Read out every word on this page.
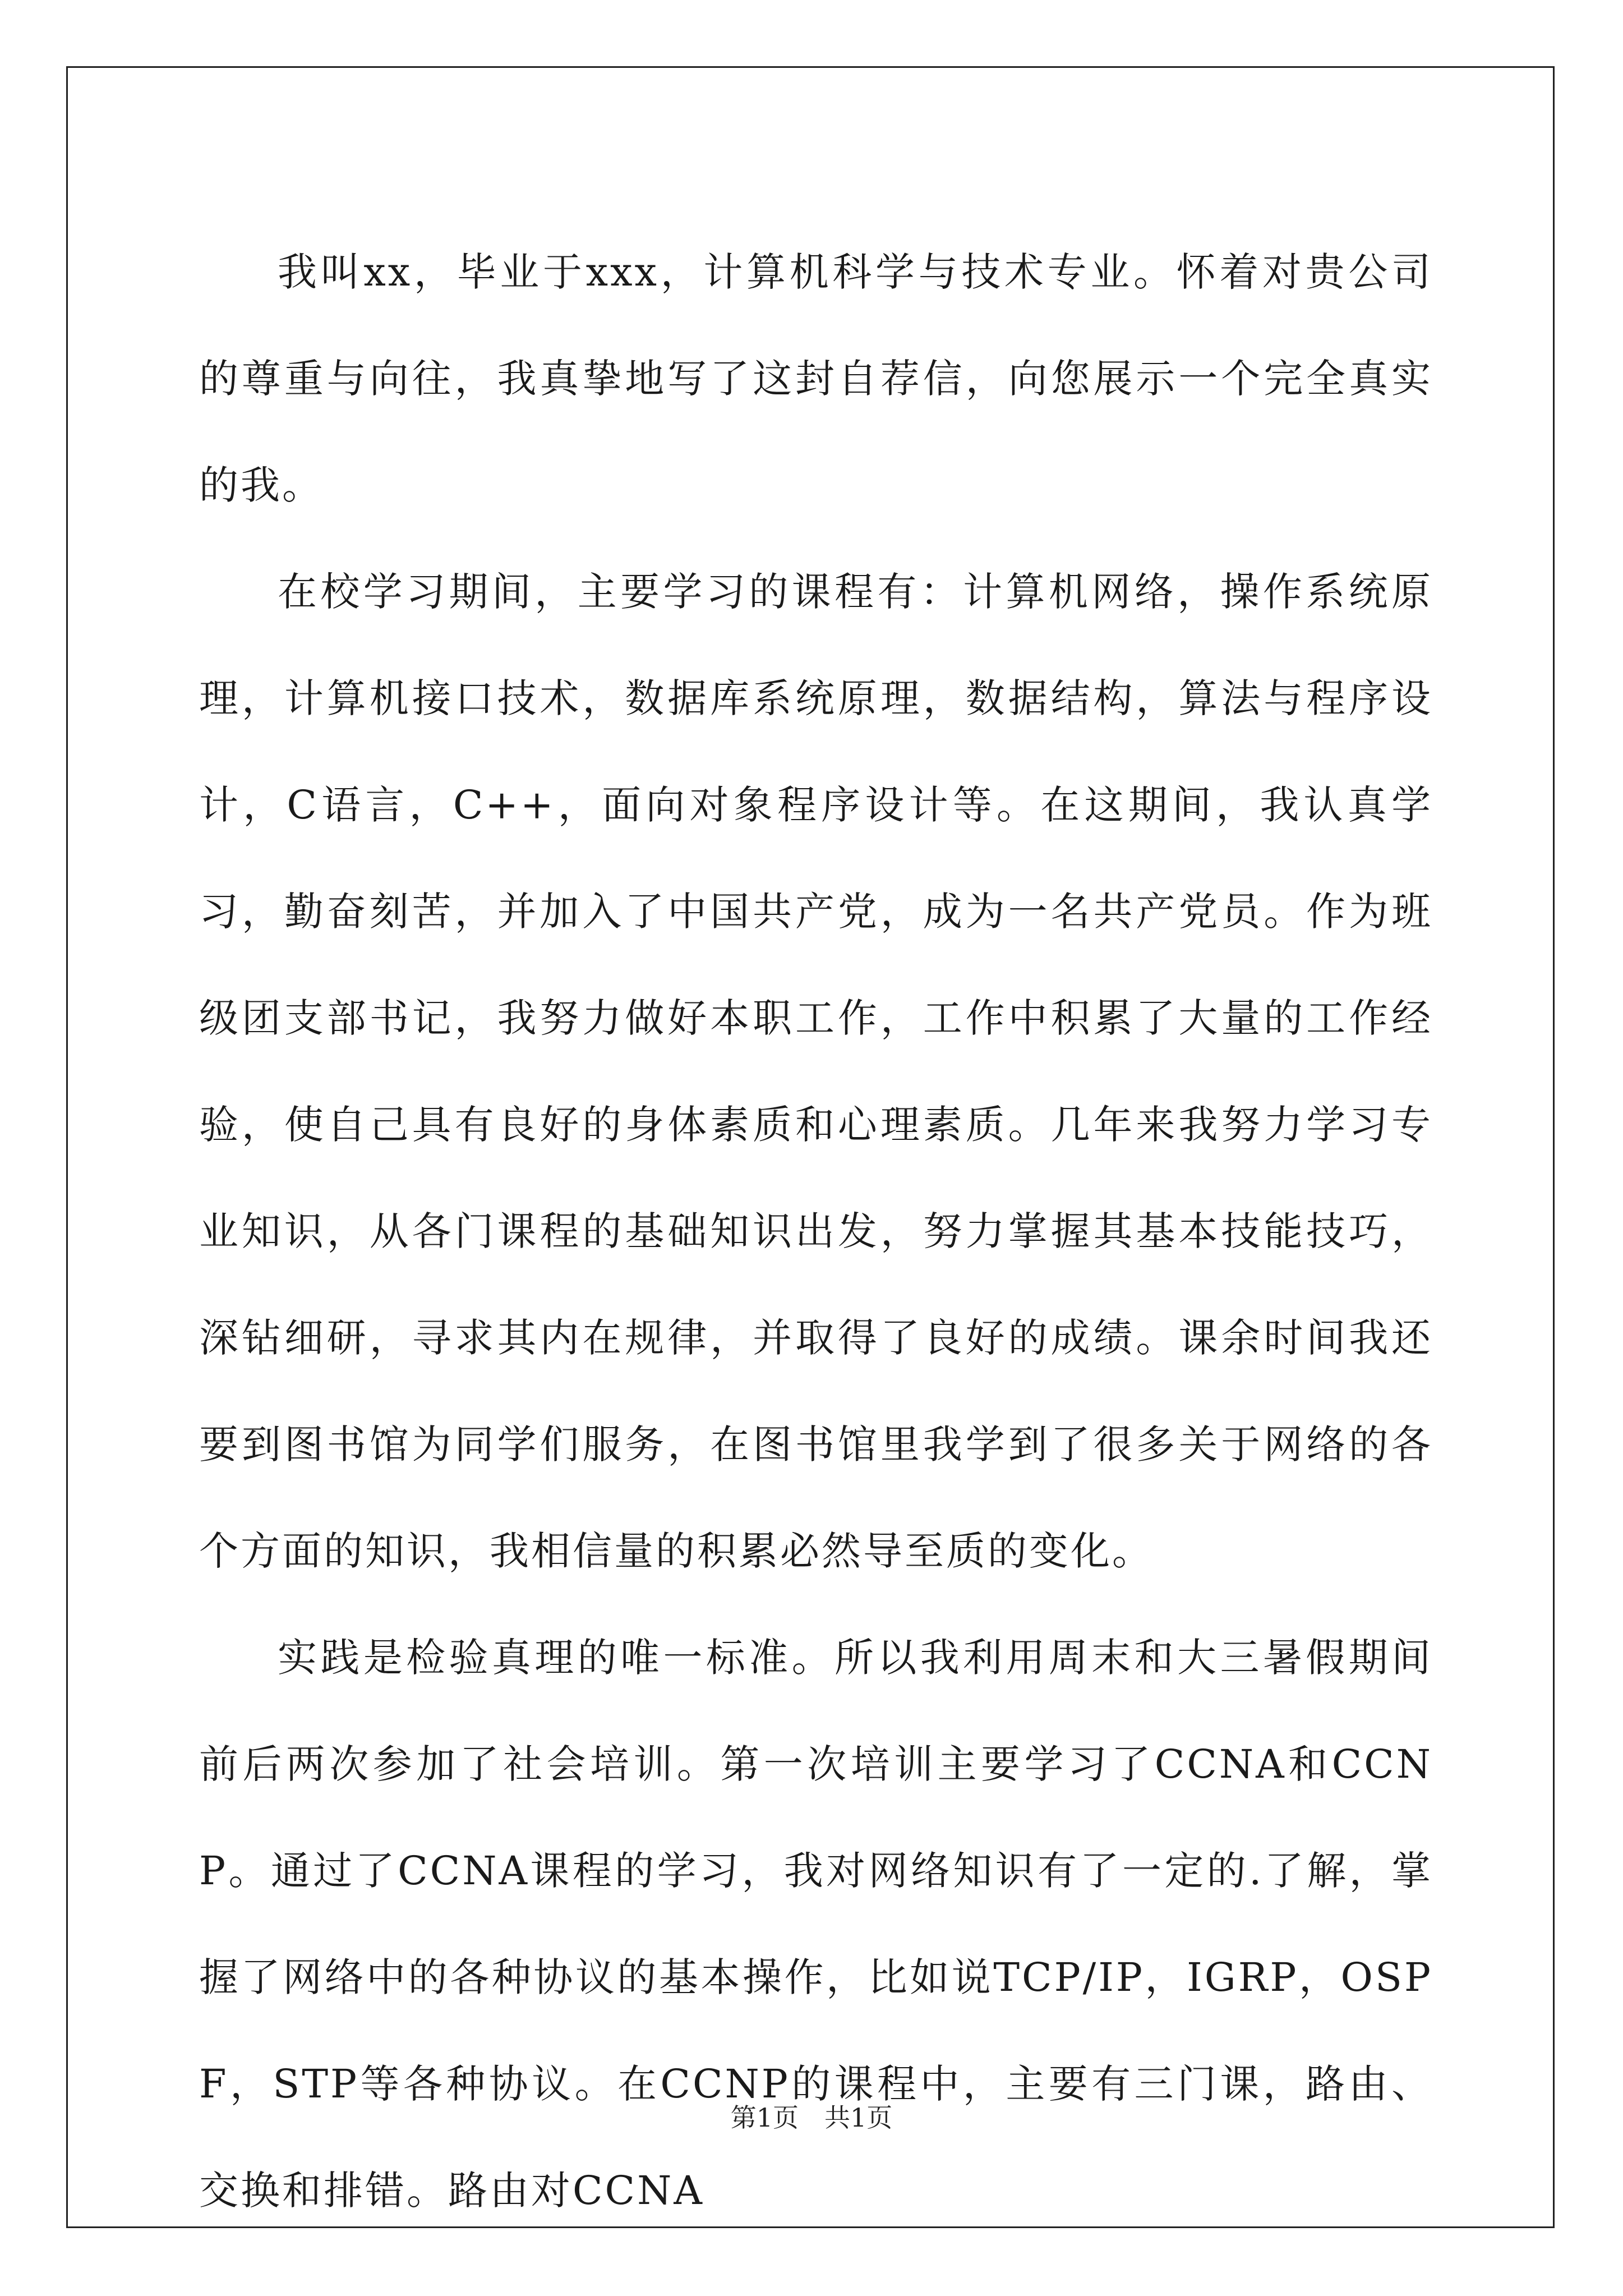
我叫xx，毕业于xxx，计算机科学与技术专业。怀着对贵公司的尊重与向往，我真挚地写了这封自荐信，向您展示一个完全真实的我。

在校学习期间，主要学习的课程有：计算机网络，操作系统原理，计算机接口技术，数据库系统原理，数据结构，算法与程序设计，C语言，C++，面向对象程序设计等。在这期间，我认真学习，勤奋刻苦，并加入了中国共产党，成为一名共产党员。作为班级团支部书记，我努力做好本职工作，工作中积累了大量的工作经验，使自己具有良好的身体素质和心理素质。几年来我努力学习专业知识，从各门课程的基础知识出发，努力掌握其基本技能技巧，深钻细研，寻求其内在规律，并取得了良好的成绩。课余时间我还要到图书馆为同学们服务，在图书馆里我学到了很多关于网络的各个方面的知识，我相信量的积累必然导至质的变化。

实践是检验真理的唯一标准。所以我利用周末和大三暑假期间前后两次参加了社会培训。第一次培训主要学习了CCNA和CCNP。通过了CCNA课程的学习，我对网络知识有了一定的.了解，掌握了网络中的各种协议的基本操作，比如说TCP/IP，IGRP，OSPF，STP等各种协议。在CCNP的课程中，主要有三门课，路由、交换和排错。路由对CCNA

第1页　共1页
